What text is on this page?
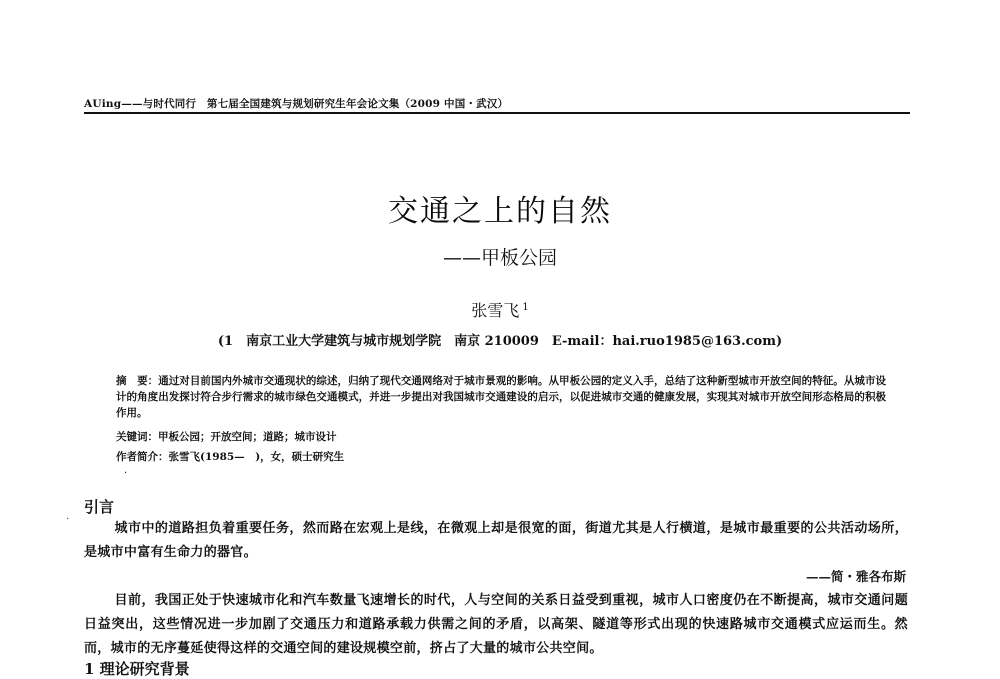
AUing——与时代同行　第七届全国建筑与规划研究生年会论文集（2009 中国・武汉）
交通之上的自然
——甲板公园
张雪飞 $^1$
(1　南京工业大学建筑与城市规划学院　南京 210009　E-mail：hai.ruo1985@163.com)
摘　要：通过对目前国内外城市交通现状的综述，归纳了现代交通网络对于城市景观的影响。从甲板公园的定义入手，总结了这种新型城市开放空间的特征。从城市设计的角度出发探讨符合步行需求的城市绿色交通模式，并进一步提出对我国城市交通建设的启示，以促进城市交通的健康发展，实现其对城市开放空间形态格局的积极作用。
关键词：甲板公园；开放空间；道路；城市设计
作者简介：张雪飞(1985—　)，女，硕士研究生
·
引言
·
城市中的道路担负着重要任务，然而路在宏观上是线，在微观上却是很宽的面，街道尤其是人行横道，是城市最重要的公共活动场所，是城市中富有生命力的器官。
——简・雅各布斯
目前，我国正处于快速城市化和汽车数量飞速增长的时代，人与空间的关系日益受到重视，城市人口密度仍在不断提高，城市交通问题日益突出，这些情况进一步加剧了交通压力和道路承载力供需之间的矛盾，以高架、隧道等形式出现的快速路城市交通模式应运而生。然而，城市的无序蔓延使得这样的交通空间的建设规模空前，挤占了大量的城市公共空间。
1 理论研究背景
